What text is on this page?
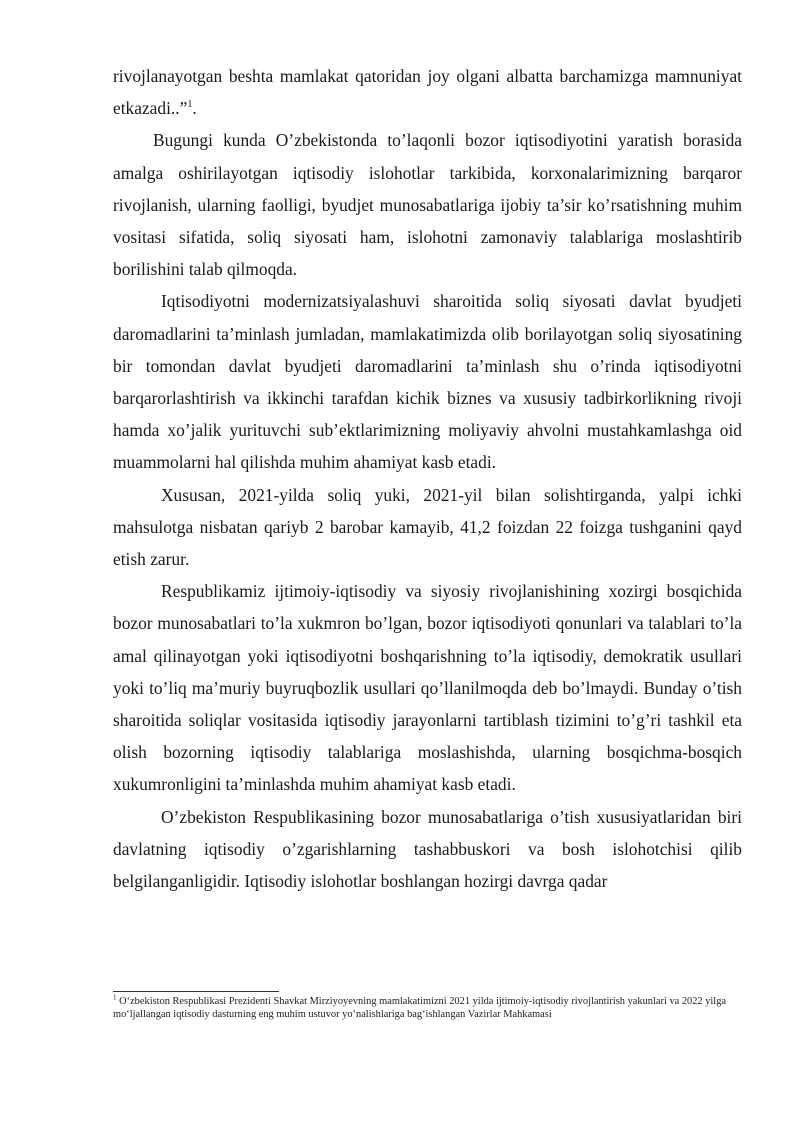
rivojlanayotgan beshta mamlakat qatoridan joy olgani albatta barchamizga mamnuniyat etkazadi..”$^1$.

Bugungi kunda O’zbekistonda to’laqonli bozor iqtisodiyotini yaratish borasida amalga oshirilayotgan iqtisodiy islohotlar tarkibida, korxonalarimizning barqaror rivojlanish, ularning faolligi, byudjet munosabatlariga ijobiy ta’sir ko’rsatishning muhim vositasi sifatida, soliq siyosati ham, islohotni zamonaviy talablariga moslashtirib borilishini talab qilmoqda.

Iqtisodiyotni modernizatsiyalashuvi sharoitida soliq siyosati davlat byudjeti daromadlarini ta’minlash jumladan, mamlakatimizda olib borilayotgan soliq siyosatining bir tomondan davlat byudjeti daromadlarini ta’minlash shu o’rinda iqtisodiyotni barqarorlashtirish va ikkinchi tarafdan kichik biznes va xususiy tadbirkorlikning rivoji hamda xo’jalik yurituvchi sub’ektlarimizning moliyaviy ahvolni mustahkamlashga oid muammolarni hal qilishda muhim ahamiyat kasb etadi.

Xususan, 2021-yilda soliq yuki, 2021-yil bilan solishtirganda, yalpi ichki mahsulotga nisbatan qariyb 2 barobar kamayib, 41,2 foizdan 22 foizga tushganini qayd etish zarur.

Respublikamiz ijtimoiy-iqtisodiy va siyosiy rivojlanishining xozirgi bosqichida bozor munosabatlari to’la xukmron bo’lgan, bozor iqtisodiyoti qonunlari va talablari to’la amal qilinayotgan yoki iqtisodiyotni boshqarishning to’la iqtisodiy, demokratik usullari yoki to’liq ma’muriy buyruqbozlik usullari qo’llanilmoqda deb bo’lmaydi. Bunday o’tish sharoitida soliqlar vositasida iqtisodiy jarayonlarni tartiblash tizimini to’g’ri tashkil eta olish bozorning iqtisodiy talablariga moslashishda, ularning bosqichma-bosqich xukumronligini ta’minlashda muhim ahamiyat kasb etadi.

O’zbekiston Respublikasining bozor munosabatlariga o’tish xususiyatlaridan biri davlatning iqtisodiy o’zgarishlarning tashabbuskori va bosh islohotchisi qilib belgilanganligidir. Iqtisodiy islohotlar boshlangan hozirgi davrga qadar

$^1$ O‘zbekiston Respublikasi Prezidenti Shavkat Mirziyoyevning mamlakatimizni 2021 yilda ijtimoiy-iqtisodiy rivojlantirish yakunlari va 2022 yilga mo‘ljallangan iqtisodiy dasturning eng muhim ustuvor yo‘nalishlariga bag‘ishlangan Vazirlar Mahkamasi
